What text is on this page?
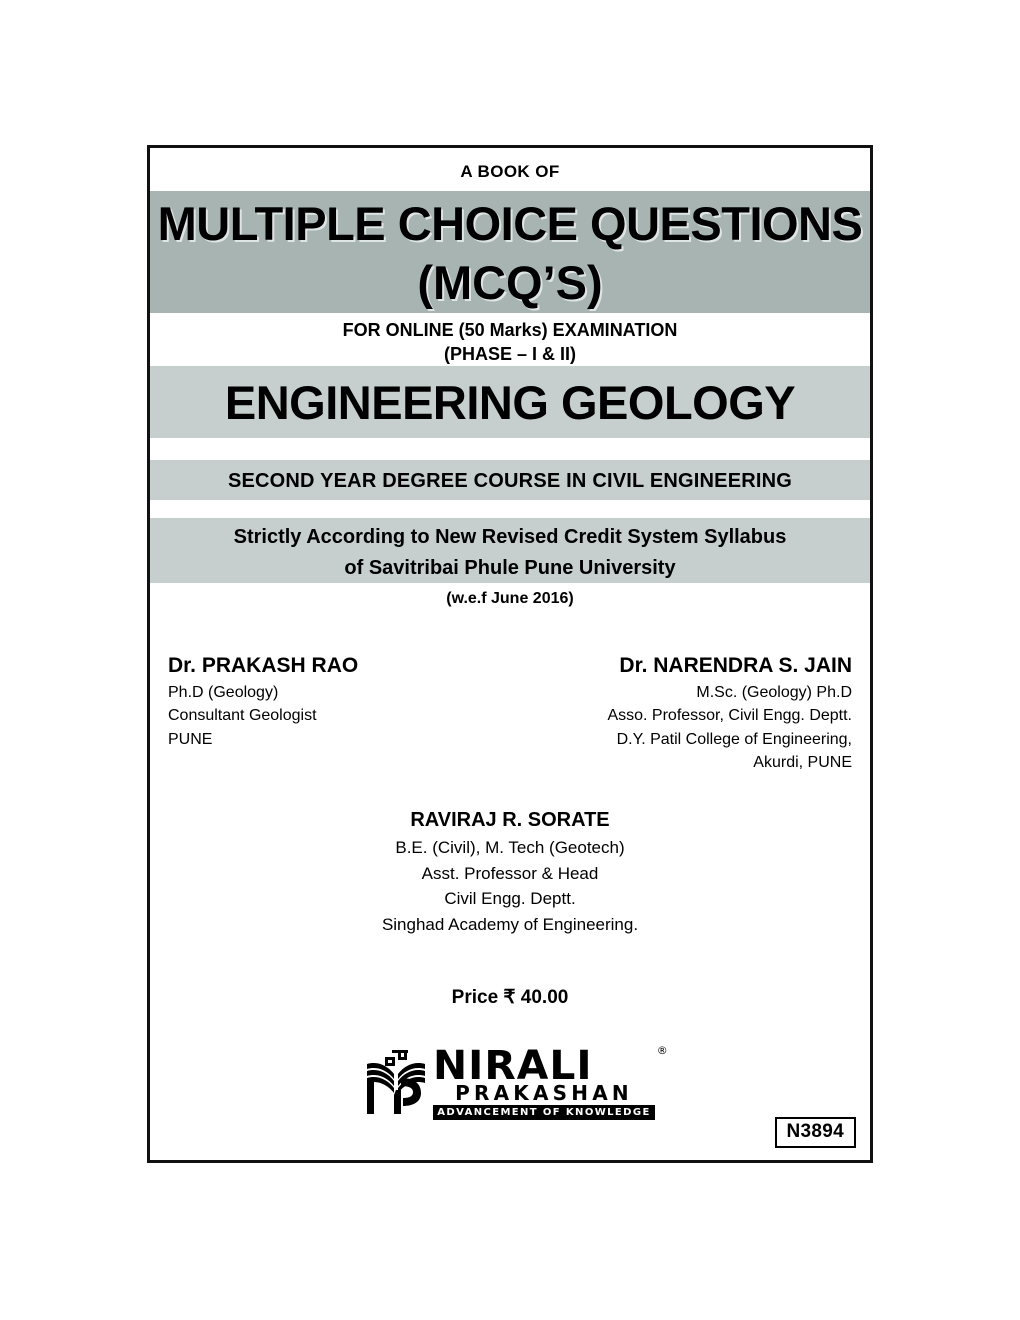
A BOOK OF
MULTIPLE CHOICE QUESTIONS
(MCQ’S)
FOR ONLINE (50 Marks) EXAMINATION
(PHASE – I & II)
ENGINEERING GEOLOGY
SECOND YEAR DEGREE COURSE IN CIVIL ENGINEERING
Strictly According to New Revised Credit System Syllabus
of Savitribai Phule Pune University
(w.e.f June 2016)
Dr. PRAKASH RAO
Ph.D (Geology)
Consultant Geologist
PUNE
Dr. NARENDRA S. JAIN
M.Sc. (Geology) Ph.D
Asso. Professor, Civil Engg. Deptt.
D.Y. Patil College of Engineering,
Akurdi, PUNE
RAVIRAJ R. SORATE
B.E. (Civil), M. Tech (Geotech)
Asst. Professor & Head
Civil Engg. Deptt.
Singhad Academy of Engineering.
Price ₹ 40.00
NIRALI
PRAKASHAN
ADVANCEMENT OF KNOWLEDGE
®
N3894
